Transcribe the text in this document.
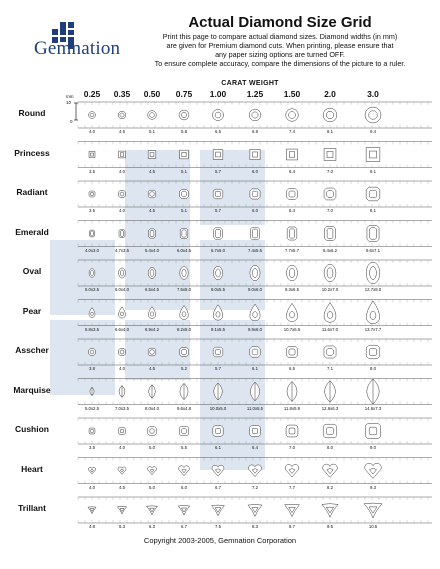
Gemnation
Actual Diamond Size Grid
Print this page to compare actual diamond sizes. Diamond widths (in mm)
are given for Premium diamond cuts. When printing, please ensure that
any paper sizing options are turned OFF.
To ensure complete accuracy, compare the dimensions of the picture to a ruler.
CARAT WEIGHT
mm
10
0
0.25	0.35	0.50	0.75	1.00	1.25	1.50	2.0	3.0
Round
4.0	4.5	5.1	5.8	6.5	6.9	7.4	8.1	9.4
Princess
3.5	4.0	4.5	5.1	5.7	6.0	6.4	7.0	8.1
Radiant
3.5	4.0	4.5	5.1	5.7	6.0	6.4	7.0	8.1
Emerald
4.0x3.0	4.7x3.5	5.4x4.0	6.0x4.5	6.7x5.0	7.4x5.5	7.7x5.7	8.4x6.2	9.6x7.1
Oval
5.0x3.5	6.0x4.0	6.5x4.5	7.5x5.0	8.0x5.5	9.0x6.0	9.3x6.5	10.2x7.0	12.7x8.0
Pear
5.8x3.5	6.6x4.0	6.9x4.2	8.2x5.0	9.1x5.5	9.9x6.0	10.7x6.5	11.6x7.0	13.7x7.7
Asscher
3.8	4.0	4.5	5.2	5.7	6.1	6.5	7.1	8.0
Marquise
5.0x2.5	7.0x3.5	8.0x4.0	9.6x4.8	10.0x5.0	11.0x5.5	11.8x5.9	12.6x6.3	14.6x7.3
Cushion
3.5	4.0	5.0	5.5	6.1	6.4	7.0	8.0	9.0
Heart
4.0	4.5	5.0	6.0	6.7	7.2	7.7	8.2	9.3
Trillant
4.8	5.3	6.3	6.7	7.5	8.3	8.7	9.5	10.5
Copyright 2003-2005, Gemnation Corporation
